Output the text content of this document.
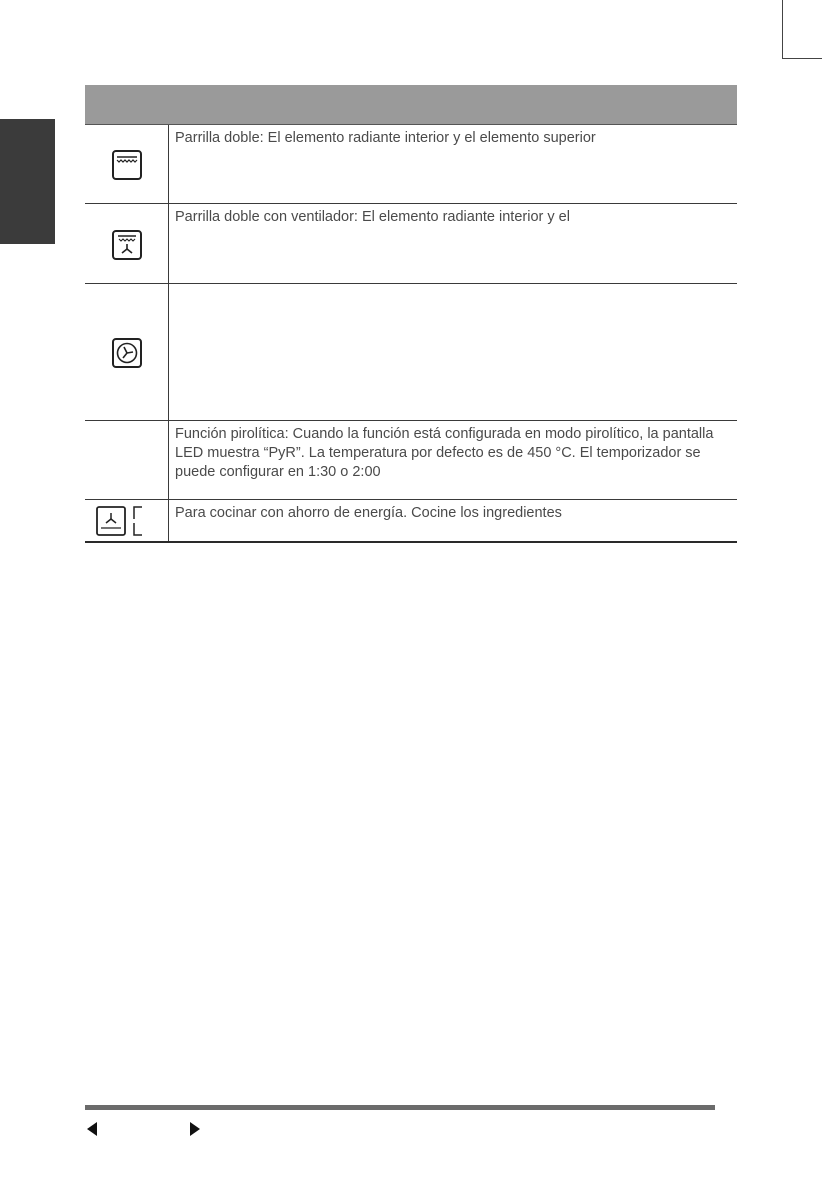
Parrilla doble: El elemento radiante interior y el elemento superior
Parrilla doble con ventilador: El elemento radiante interior y el
Función pirolítica: Cuando la función está configurada en modo pirolítico, la pantalla LED muestra “PyR”. La temperatura por defecto es de 450 °C. El temporizador se puede configurar en 1:30 o 2:00
Para cocinar con ahorro de energía. Cocine los ingredientes
